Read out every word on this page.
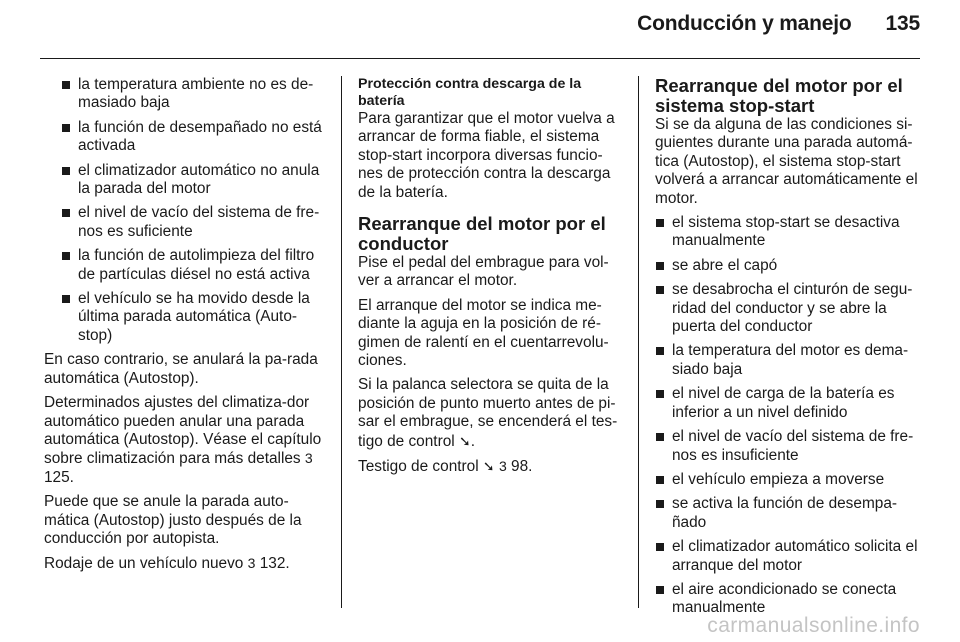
Conducción y manejo 135
la temperatura ambiente no es de-masiado baja
la función de desempañado no está activada
el climatizador automático no anula la parada del motor
el nivel de vacío del sistema de fre-nos es suficiente
la función de autolimpieza del filtro de partículas diésel no está activa
el vehículo se ha movido desde la última parada automática (Auto-stop)

En caso contrario, se anulará la pa-rada automática (Autostop).

Determinados ajustes del climatiza-dor automático pueden anular una parada automática (Autostop). Véase el capítulo sobre climatización para más detalles 3 125.

Puede que se anule la parada auto-mática (Autostop) justo después de la conducción por autopista.

Rodaje de un vehículo nuevo 3 132.

Protección contra descarga de la batería

Para garantizar que el motor vuelva a arrancar de forma fiable, el sistema stop-start incorpora diversas funcio-nes de protección contra la descarga de la batería.

Rearranque del motor por el conductor

Pise el pedal del embrague para vol-ver a arrancar el motor.

El arranque del motor se indica me-diante la aguja en la posición de ré-gimen de ralentí en el cuentarrevolu-ciones.

Si la palanca selectora se quita de la posición de punto muerto antes de pi-sar el embrague, se encenderá el tes-tigo de control ➘.

Testigo de control ➘ 3 98.

Rearranque del motor por el sistema stop-start

Si se da alguna de las condiciones si-guientes durante una parada automá-tica (Autostop), el sistema stop-start volverá a arrancar automáticamente el motor.

el sistema stop-start se desactiva manualmente
se abre el capó
se desabrocha el cinturón de segu-ridad del conductor y se abre la puerta del conductor
la temperatura del motor es dema-siado baja
el nivel de carga de la batería es inferior a un nivel definido
el nivel de vacío del sistema de fre-nos es insuficiente
el vehículo empieza a moverse
se activa la función de desempa-ñado
el climatizador automático solicita el arranque del motor
el aire acondicionado se conecta manualmente
carmanualsonline.info
